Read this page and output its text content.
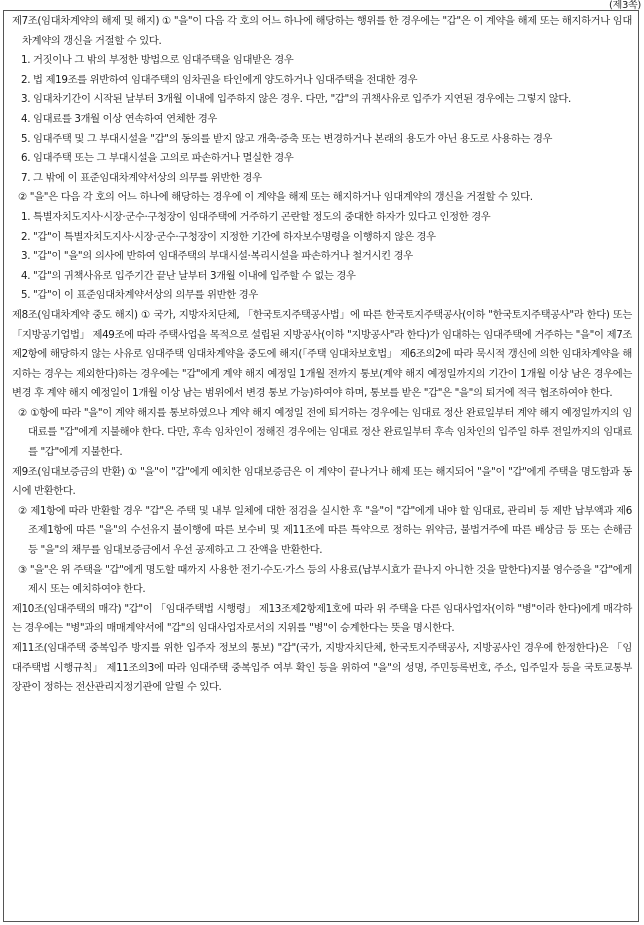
(제3쪽)

제7조(임대차계약의 해제 및 해지) ① "을"이 다음 각 호의 어느 하나에 해당하는 행위를 한 경우에는 "갑"은 이 계약을 해제 또는 해지하거나 임대차계약의 갱신을 거절할 수 있다.

1. 거짓이나 그 밖의 부정한 방법으로 임대주택을 임대받은 경우

2. 법 제19조를 위반하여 임대주택의 임차권을 타인에게 양도하거나 임대주택을 전대한 경우

3. 임대차기간이 시작된 날부터 3개월 이내에 입주하지 않은 경우. 다만, "갑"의 귀책사유로 입주가 지연된 경우에는 그렇지 않다.

4. 임대료를 3개월 이상 연속하여 연체한 경우

5. 임대주택 및 그 부대시설을 "갑"의 동의를 받지 않고 개축·증축 또는 변경하거나 본래의 용도가 아닌 용도로 사용하는 경우

6. 임대주택 또는 그 부대시설을 고의로 파손하거나 멸실한 경우

7. 그 밖에 이 표준임대차계약서상의 의무를 위반한 경우

② "을"은 다음 각 호의 어느 하나에 해당하는 경우에 이 계약을 해제 또는 해지하거나 임대계약의 갱신을 거절할 수 있다.

1. 특별자치도지사·시장·군수·구청장이 임대주택에 거주하기 곤란할 정도의 중대한 하자가 있다고 인정한 경우

2. "갑"이 특별자치도지사·시장·군수·구청장이 지정한 기간에 하자보수명령을 이행하지 않은 경우

3. "갑"이 "을"의 의사에 반하여 임대주택의 부대시설·복리시설을 파손하거나 철거시킨 경우

4. "갑"의 귀책사유로 입주기간 끝난 날부터 3개월 이내에 입주할 수 없는 경우

5. "갑"이 이 표준임대차계약서상의 의무를 위반한 경우

제8조(임대차계약 중도 해지) ① 국가, 지방자치단체, 「한국토지주택공사법」에 따른 한국토지주택공사(이하 "한국토지주택공사"라 한다) 또는 「지방공기업법」 제49조에 따라 주택사업을 목적으로 설립된 지방공사(이하 "지방공사"라 한다)가 임대하는 임대주택에 거주하는 "을"이 제7조제2항에 해당하지 않는 사유로 임대주택 임대차계약을 중도에 해지(「주택 임대차보호법」 제6조의2에 따라 묵시적 갱신에 의한 임대차계약을 해지하는 경우는 제외한다)하는 경우에는 "갑"에게 계약 해지 예정일 1개월 전까지 통보(계약 해지 예정일까지의 기간이 1개월 이상 남은 경우에는 변경 후 계약 해지 예정일이 1개월 이상 남는 범위에서 변경 통보 가능)하여야 하며, 통보를 받은 "갑"은 "을"의 퇴거에 적극 협조하여야 한다.

② ①항에 따라 "을"이 계약 해지를 통보하였으나 계약 해지 예정일 전에 퇴거하는 경우에는 임대료 정산 완료일부터 계약 해지 예정일까지의 임대료를 "갑"에게 지불해야 한다. 다만, 후속 임차인이 정해진 경우에는 임대료 정산 완료일부터 후속 임차인의 입주일 하루 전일까지의 임대료를 "갑"에게 지불한다.

제9조(임대보증금의 반환) ① "을"이 "갑"에게 예치한 임대보증금은 이 계약이 끝나거나 해제 또는 해지되어 "을"이 "갑"에게 주택을 명도함과 동시에 반환한다.

② 제1항에 따라 반환할 경우 "갑"은 주택 및 내부 일체에 대한 점검을 실시한 후 "을"이 "갑"에게 내야 할 임대료, 관리비 등 제반 납부액과 제6조제1항에 따른 "을"의 수선유지 불이행에 따른 보수비 및 제11조에 따른 특약으로 정하는 위약금, 불법거주에 따른 배상금 등 또는 손해금 등 "을"의 채무를 임대보증금에서 우선 공제하고 그 잔액을 반환한다.

③ "을"은 위 주택을 "갑"에게 명도할 때까지 사용한 전기·수도·가스 등의 사용료(납부시효가 끝나지 아니한 것을 말한다)지불 영수증을 "갑"에게 제시 또는 예치하여야 한다.

제10조(임대주택의 매각) "갑"이 「임대주택법 시행령」 제13조제2항제1호에 따라 위 주택을 다른 임대사업자(이하 "병"이라 한다)에게 매각하는 경우에는 "병"과의 매매계약서에 "갑"의 임대사업자로서의 지위를 "병"이 승계한다는 뜻을 명시한다.

제11조(임대주택 중복입주 방지를 위한 입주자 정보의 통보) "갑"(국가, 지방자치단체, 한국토지주택공사, 지방공사인 경우에 한정한다)은 「임대주택법 시행규칙」 제11조의3에 따라 임대주택 중복입주 여부 확인 등을 위하여 "을"의 성명, 주민등록번호, 주소, 입주일자 등을 국토교통부장관이 정하는 전산관리지정기관에 알릴 수 있다.
